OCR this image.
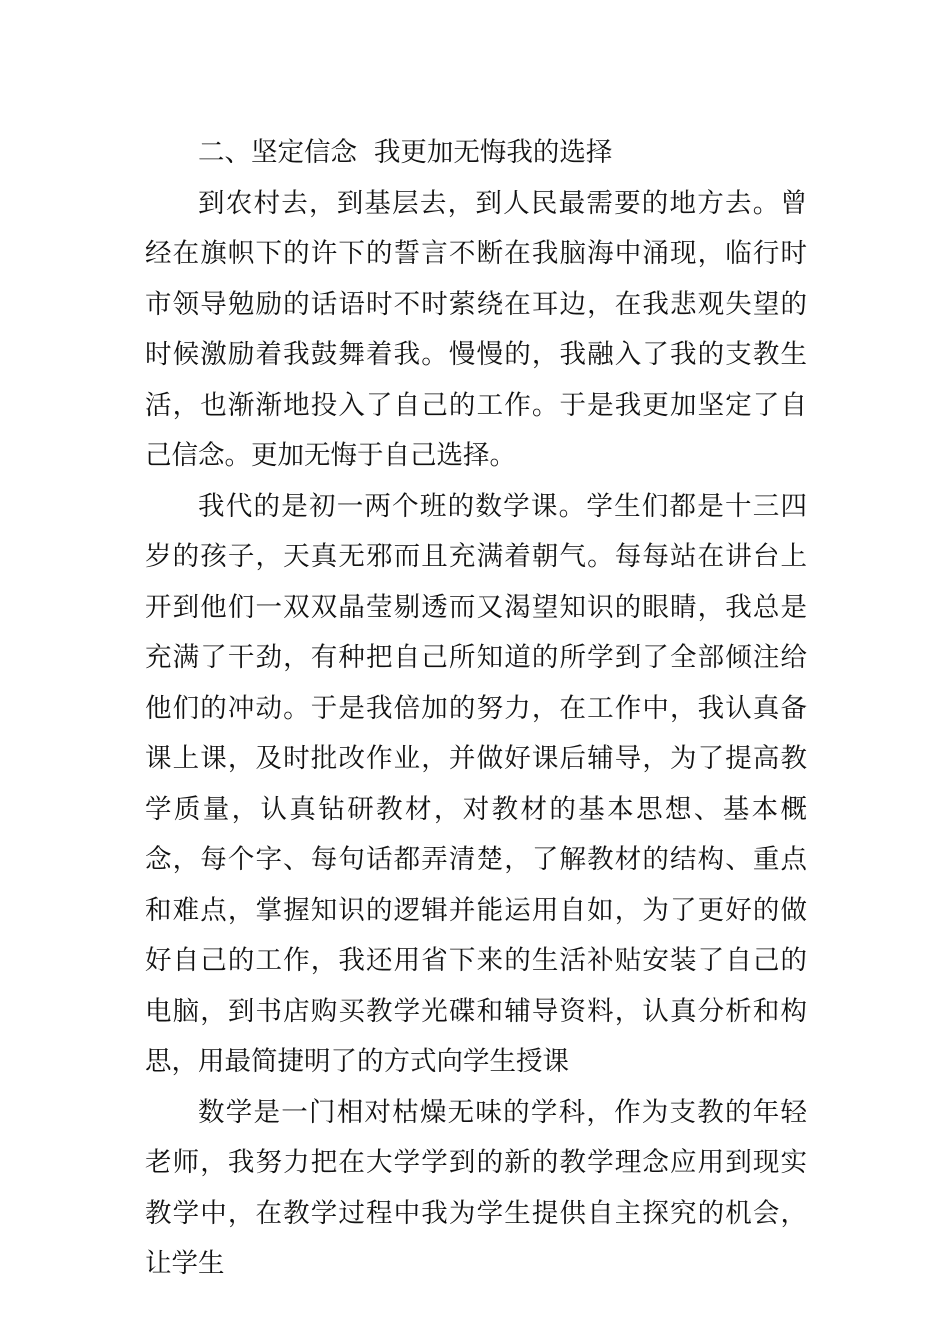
二、坚定信念  我更加无悔我的选择

到农村去，到基层去，到人民最需要的地方去。曾经在旗帜下的许下的誓言不断在我脑海中涌现，临行时市领导勉励的话语时不时萦绕在耳边，在我悲观失望的时候激励着我鼓舞着我。慢慢的，我融入了我的支教生活，也渐渐地投入了自己的工作。于是我更加坚定了自己信念。更加无悔于自己选择。

我代的是初一两个班的数学课。学生们都是十三四岁的孩子，天真无邪而且充满着朝气。每每站在讲台上开到他们一双双晶莹剔透而又渴望知识的眼睛，我总是充满了干劲，有种把自己所知道的所学到了全部倾注给他们的冲动。于是我倍加的努力，在工作中，我认真备课上课，及时批改作业，并做好课后辅导，为了提高教学质量，认真钻研教材，对教材的基本思想、基本概念，每个字、每句话都弄清楚，了解教材的结构、重点和难点，掌握知识的逻辑并能运用自如，为了更好的做好自己的工作，我还用省下来的生活补贴安装了自己的电脑，到书店购买教学光碟和辅导资料，认真分析和构思，用最简捷明了的方式向学生授课

数学是一门相对枯燥无味的学科，作为支教的年轻老师，我努力把在大学学到的新的教学理念应用到现实教学中，在教学过程中我为学生提供自主探究的机会，让学生
